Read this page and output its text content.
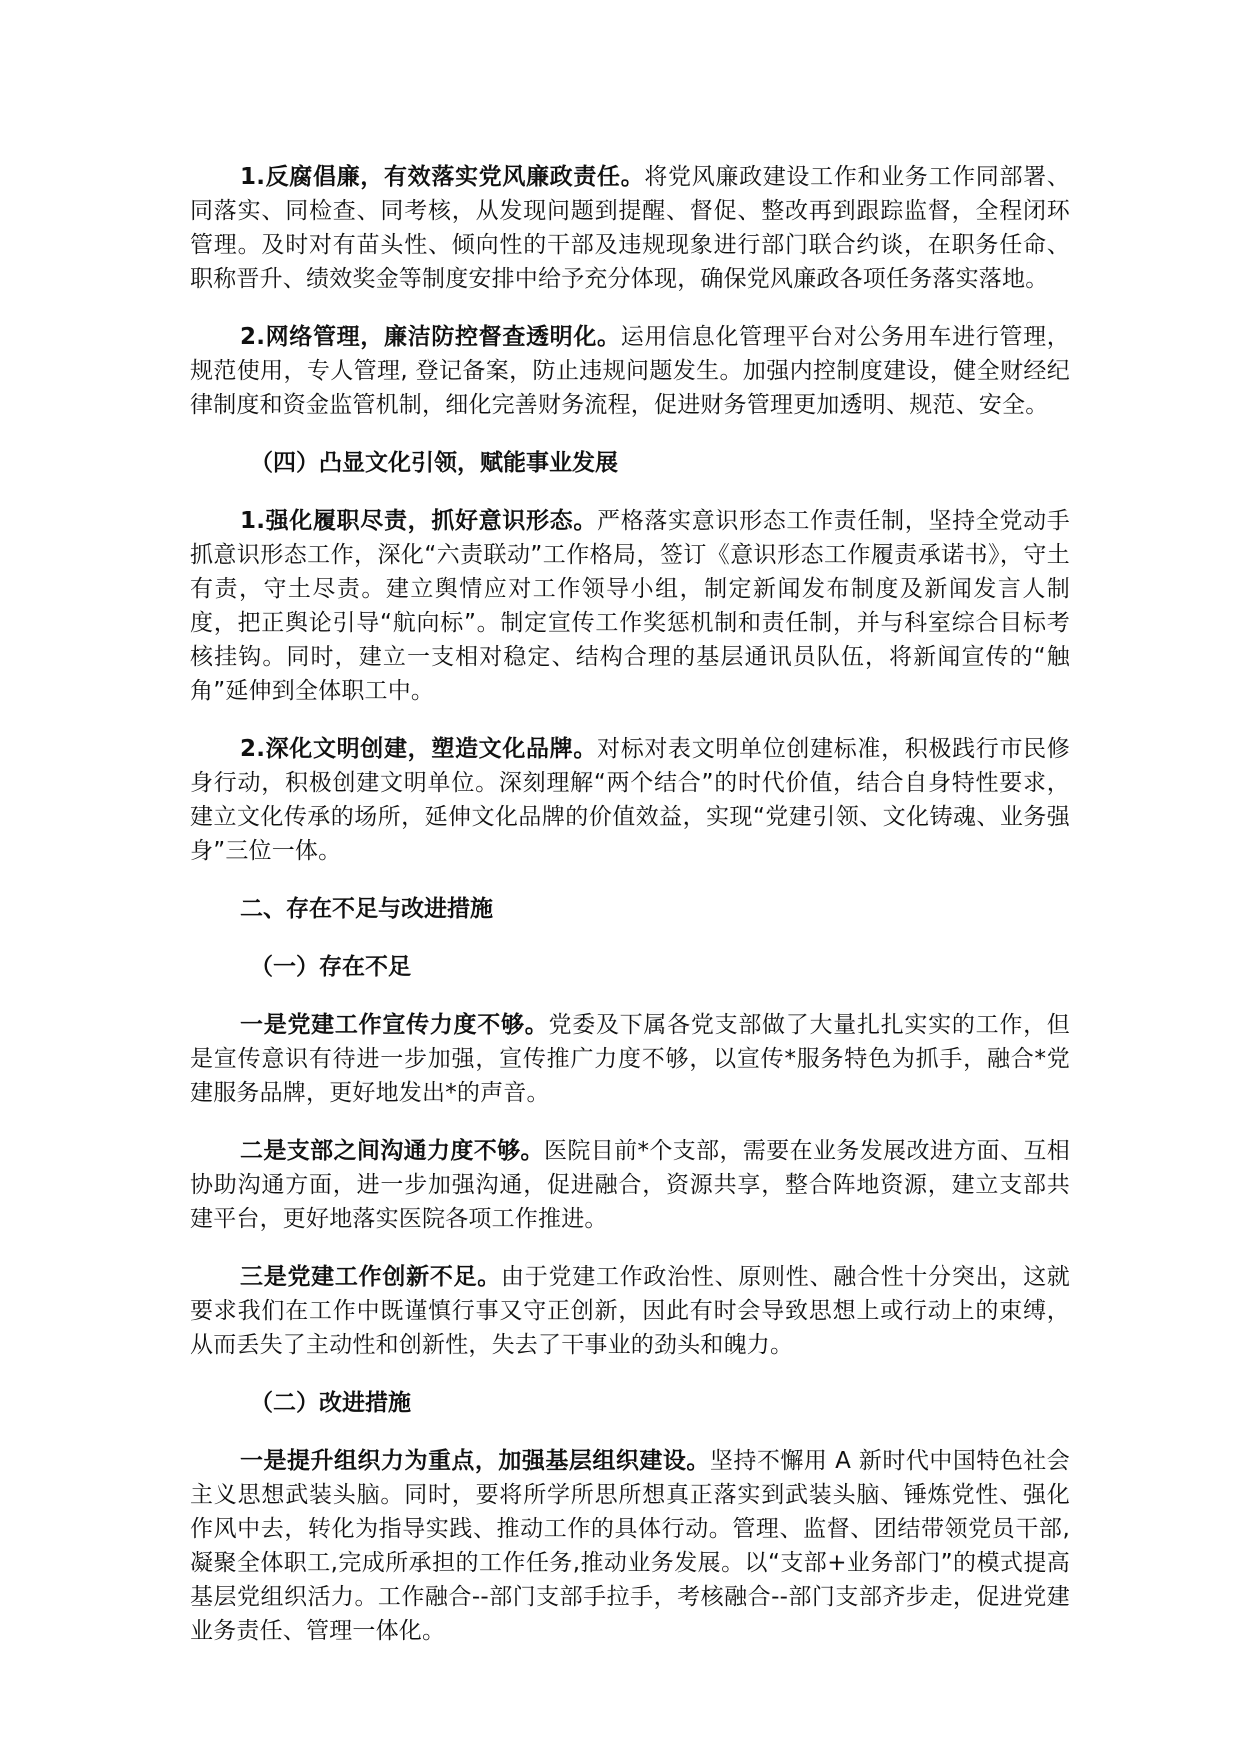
1.反腐倡廉，有效落实党风廉政责任。将党风廉政建设工作和业务工作同部署、同落实、同检查、同考核，从发现问题到提醒、督促、整改再到跟踪监督，全程闭环管理。及时对有苗头性、倾向性的干部及违规现象进行部门联合约谈，在职务任命、职称晋升、绩效奖金等制度安排中给予充分体现，确保党风廉政各项任务落实落地。

2.网络管理，廉洁防控督查透明化。运用信息化管理平台对公务用车进行管理，规范使用，专人管理, 登记备案，防止违规问题发生。加强内控制度建设，健全财经纪律制度和资金监管机制，细化完善财务流程，促进财务管理更加透明、规范、安全。

（四）凸显文化引领，赋能事业发展

1.强化履职尽责，抓好意识形态。严格落实意识形态工作责任制，坚持全党动手抓意识形态工作，深化“六责联动”工作格局，签订《意识形态工作履责承诺书》，守土有责，守土尽责。建立舆情应对工作领导小组，制定新闻发布制度及新闻发言人制度，把正舆论引导“航向标”。制定宣传工作奖惩机制和责任制，并与科室综合目标考核挂钩。同时，建立一支相对稳定、结构合理的基层通讯员队伍，将新闻宣传的“触角”延伸到全体职工中。

2.深化文明创建，塑造文化品牌。对标对表文明单位创建标准，积极践行市民修身行动，积极创建文明单位。深刻理解“两个结合”的时代价值，结合自身特性要求，建立文化传承的场所，延伸文化品牌的价值效益，实现“党建引领、文化铸魂、业务强身”三位一体。

二、存在不足与改进措施

（一）存在不足

一是党建工作宣传力度不够。党委及下属各党支部做了大量扎扎实实的工作，但是宣传意识有待进一步加强，宣传推广力度不够，以宣传*服务特色为抓手，融合*党建服务品牌，更好地发出*的声音。

二是支部之间沟通力度不够。医院目前*个支部，需要在业务发展改进方面、互相协助沟通方面，进一步加强沟通，促进融合，资源共享，整合阵地资源，建立支部共建平台，更好地落实医院各项工作推进。

三是党建工作创新不足。由于党建工作政治性、原则性、融合性十分突出，这就要求我们在工作中既谨慎行事又守正创新，因此有时会导致思想上或行动上的束缚，从而丢失了主动性和创新性，失去了干事业的劲头和魄力。

（二）改进措施

一是提升组织力为重点，加强基层组织建设。坚持不懈用 A 新时代中国特色社会主义思想武装头脑。同时，要将所学所思所想真正落实到武装头脑、锤炼党性、强化作风中去，转化为指导实践、推动工作的具体行动。管理、监督、团结带领党员干部,凝聚全体职工,完成所承担的工作任务,推动业务发展。以“支部+业务部门”的模式提高基层党组织活力。工作融合--部门支部手拉手，考核融合--部门支部齐步走，促进党建业务责任、管理一体化。
